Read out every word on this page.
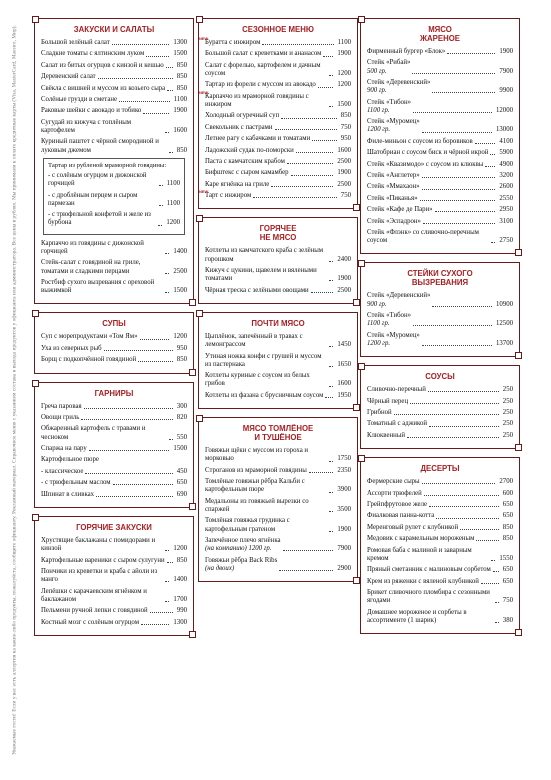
Уважаемые гости! Если у вас есть аллергия на какие-либо продукты, пожалуйста, сообщите официанту. Рекламный материал. Справочное меню с указанием состава и выхода продуктов у официанта или администратора. Все цены в рублях. Мы принимаем к оплате кредитные карты (Visa, MasterCard, Maestro, Мир).	ЗАКУСКИ И САЛАТЫ
Большой зелёный салат	1300
Сладкие томаты с ялтинским луком	1500
Салат из битых огурцов с кинзой и кешью 850
Деревенский салат	850
Свёкла с вишней и муссом из козьего сыра 850
Солёные грузди в сметане	1100
Раковые шейки с авокадо и тобико	1900
Сугудай из кижуча с топлёным картофелем	1600
Куриный паштет с чёрной смородиной и луковым джемом	850
Тартар из рубленой мраморной говядины:
- с солёным огурцом и дижонской горчицей	1100
- с дроблёным перцем и сыром пармезан	1100
- с трюфельной конфетой и желе из бурбона	1200
Карпаччо из говядины с дижонской горчицей	1400
Стейк-салат с говядиной на гриле, томатами и сладкими перцами	2500
Ростбиф сухого вызревания с ореховой выжимкой	1500
СУПЫ
Суп с морепродуктами «Том Ям»	1200
Уха из северных рыб	950
Борщ с подкопчённой говядиной	850
ГАРНИРЫ
Греча паровая	300
Овощи гриль	820
Обжаренный картофель с травами и чесноком	550
Спаржа на пару	1500
Картофельное пюре
- классическое	450
- с трюфельным маслом	650
Шпинат в сливках	690
ГОРЯЧИЕ ЗАКУСКИ
Хрустящие баклажаны с помидорами и кинзой	1200
Картофельные вареники с сыром сулугуни 850
Пончики из креветки и краба с айоли из манго	1400
Лепёшки с карачаевским ягнёнком и баклажаном	1700
Пельмени ручной лепки с говядиной	990
Костный мозг с солёным огурцом	1300
СЕЗОННОЕ МЕНЮ
NEW
Буратта с инжиром	1100
Большой салат с креветками и ананасом 1900
Салат с форелью, картофелем и дачным соусом	1200
Тартар из форели с муссом из авокадо	1200
NEW
Карпаччо из мраморной говядины с инжиром	1500
Холодный огуречный суп	850
Свекольник с пастрами	750
Летнее рагу с кабачками и томатами	950
Ладожский судак по-поморски	1600
Паста с камчатским крабом	2500
Бифштекс с сыром камамбер	1900
Каре ягнёнка на гриле	2500
NEW
Тарт с инжиром	750
ГОРЯЧЕЕ
НЕ МЯСО
Котлеты из камчатского краба с зелёным горошком	2400
Кижуч с цукини, щавелем и вялеными томатами	1900
Чёрная треска с зелёными овощами	2500
ПОЧТИ МЯСО
Цыплёнок, запечённый в травах с лемонграссом	1450
Утиная ножка конфи с грушей и муссом из пастернака	1650
Котлеты куриные с соусом из белых грибов	1600
Котлеты из фазана с брусничным соусом 1950
МЯСО ТОМЛЁНОЕ
И ТУШЁНОЕ
Говяжьи щёки с муссом из гороха и морковью	1750
Строганов из мраморной говядины	2350
Томлёные говяжьи рёбра Кальби с картофельным пюре	3900
Медальоны из говяжьей вырезки со спаржей	3500
Томлёная говяжья грудинка с картофельным гратеном	1900
Запечённое плечо ягнёнка
(на компанию) 1200 гр.	7900
Говяжьи рёбра Back Ribs
(на двоих)	2900
МЯСО
ЖАРЕНОЕ
Фирменный бургер «Блок»	1900
Стейк «Рибай»
500 гр.	7900
Стейк «Деревенский»
900 гр.	9900
Стейк «Тибон»
1100 гр.	12000
Стейк «Муромец»
1200 гр.	13000
Филе-миньон с соусом из боровиков	4100
Шатобриан с соусом биск и чёрной икрой 5900
Стейк «Квазимодо» с соусом из клюквы 4900
Стейк «Англетер»	3200
Стейк «Ммахаон»	2600
Стейк «Пиканья»	2550
Стейк «Кафе де Пари»	2950
Стейк «Эспадрон»	3100
Стейк «Флэнк» со сливочно-перечным соусом	2750
СТЕЙКИ СУХОГО
ВЫЗРЕВАНИЯ
Стейк «Деревенский»
900 гр.	10900
Стейк «Тибон»
1100 гр.	12500
Стейк «Муромец»
1200 гр.	13700
СОУСЫ
Сливочно-перечный	250
Чёрный перец	250
Грибной	250
Томатный с аджикой	250
Клюквенный	250
ДЕСЕРТЫ
Фермерские сыры	2700
Ассорти трюфелей	600
Грейпфрутовое желе	650
Фиалковая панна-котта	650
Меренговый рулет с клубникой	850
Медовик с карамельным мороженым	850
Ромовая баба с малиной и заварным кремом	1550
Пряный сметанник с малиновым сорбетом 650
Крем из ряженки с вяленой клубникой	650
Брикет сливочного пломбира с сезонными ягодами	750
Домашнее мороженое и сорбеты в ассортименте (1 шарик)	380
